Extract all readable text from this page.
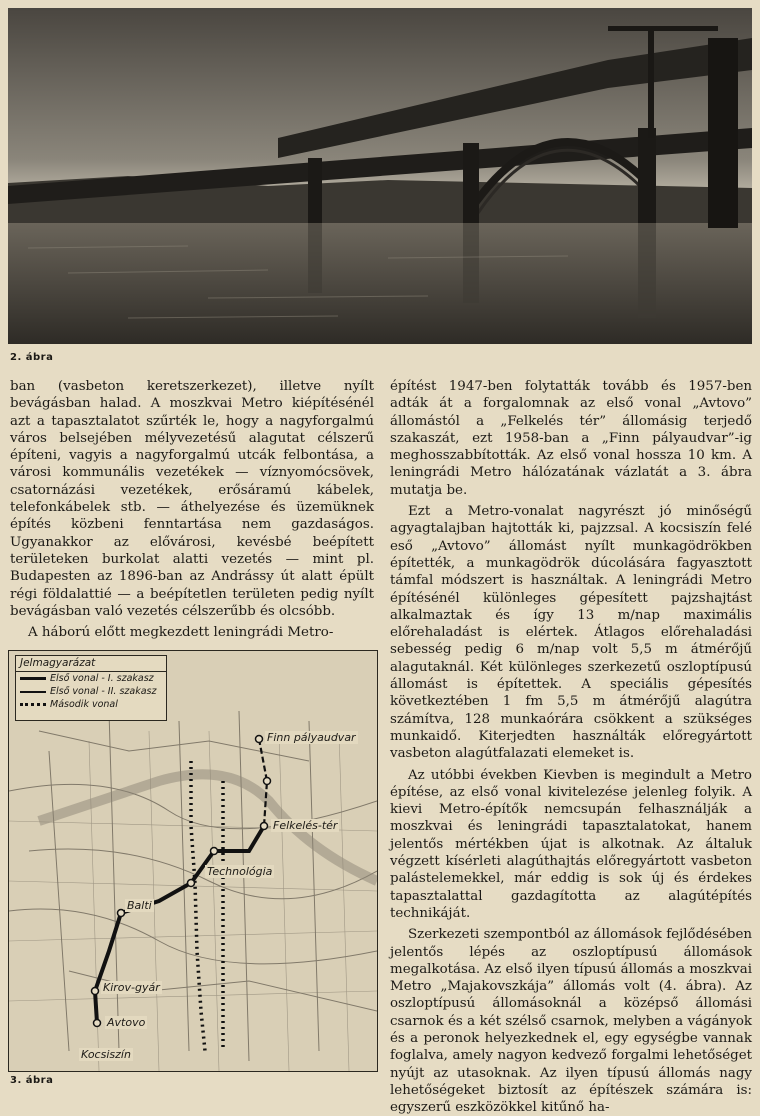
2. ábra

ban (vasbeton keretszerkezet), illetve nyílt bevágásban halad. A moszkvai Metro kiépítésénél azt a tapasztalatot szűrték le, hogy a nagyforgalmú város belsejében mélyvezetésű alagutat célszerű építeni, vagyis a nagyforgalmú utcák felbontása, a városi kommunális vezetékek — víznyomócsövek, csatornázási vezetékek, erősáramú kábelek, telefonkábelek stb. — áthelyezése és üzemüknek építés közbeni fenntartása nem gazdaságos. Ugyanakkor az elővárosi, kevésbé beépített területeken burkolat alatti vezetés — mint pl. Budapesten az 1896-ban az Andrássy út alatt épült régi földalattié — a beépítetlen területen pedig nyílt bevágásban való vezetés célszerűbb és olcsóbb.

A háború előtt megkezdett leningrádi Metro-

Jelmagyarázat
Első vonal - I. szakasz
Első vonal - II. szakasz
Második vonal
Finn pályaudvar
Felkelés-tér
Technológia
Balti
Kirov-gyár
Avtovo
Kocsiszín
3. ábra

építést 1947-ben folytatták tovább és 1957-ben adták át a forgalomnak az első vonal „Avtovo” állomástól a „Felkelés tér” állomásig terjedő szakaszát, ezt 1958-ban a „Finn pályaudvar”-ig meghosszabbították. Az első vonal hossza 10 km. A leningrádi Metro hálózatának vázlatát a 3. ábra mutatja be.

Ezt a Metro-vonalat nagyrészt jó minőségű agyagtalajban hajtották ki, pajzzsal. A kocsiszín felé eső „Avtovo” állomást nyílt munkagödrökben építették, a munkagödrök dúcolására fagyasztott támfal módszert is használtak. A leningrádi Metro építésénél különleges gépesített pajzshajtást alkalmaztak és így 13 m/nap maximális előrehaladást is elértek. Átlagos előrehaladási sebesség pedig 6 m/nap volt 5,5 m átmérőjű alagutaknál. Két különleges szerkezetű oszloptípusú állomást is építettek. A speciális gépesítés következtében 1 fm 5,5 m átmérőjű alagútra számítva, 128 munkaórára csökkent a szükséges munkaidő. Kiterjedten használták előregyártott vasbeton alagútfalazati elemeket is.

Az utóbbi években Kievben is megindult a Metro építése, az első vonal kivitelezése jelenleg folyik. A kievi Metro-építők nemcsupán felhasználják a moszkvai és leningrádi tapasztalatokat, hanem jelentős mértékben újat is alkotnak. Az általuk végzett kísérleti alagúthajtás előregyártott vasbeton palástelemekkel, már eddig is sok új és érdekes tapasztalattal gazdagította az alagútépítés technikáját.

Szerkezeti szempontból az állomások fejlődésében jelentős lépés az oszloptípusú állomások megalkotása. Az első ilyen típusú állomás a moszkvai Metro „Majakovszkája” állomás volt (4. ábra). Az oszloptípusú állomásoknál a középső állomási csarnok és a két szélső csarnok, melyben a vágányok és a peronok helyezkednek el, egy egységbe vannak foglalva, amely nagyon kedvező forgalmi lehetőséget nyújt az utasoknak. Az ilyen típusú állomás nagy lehetőségeket biztosít az építészek számára is: egyszerű eszközökkel kitűnő ha-
